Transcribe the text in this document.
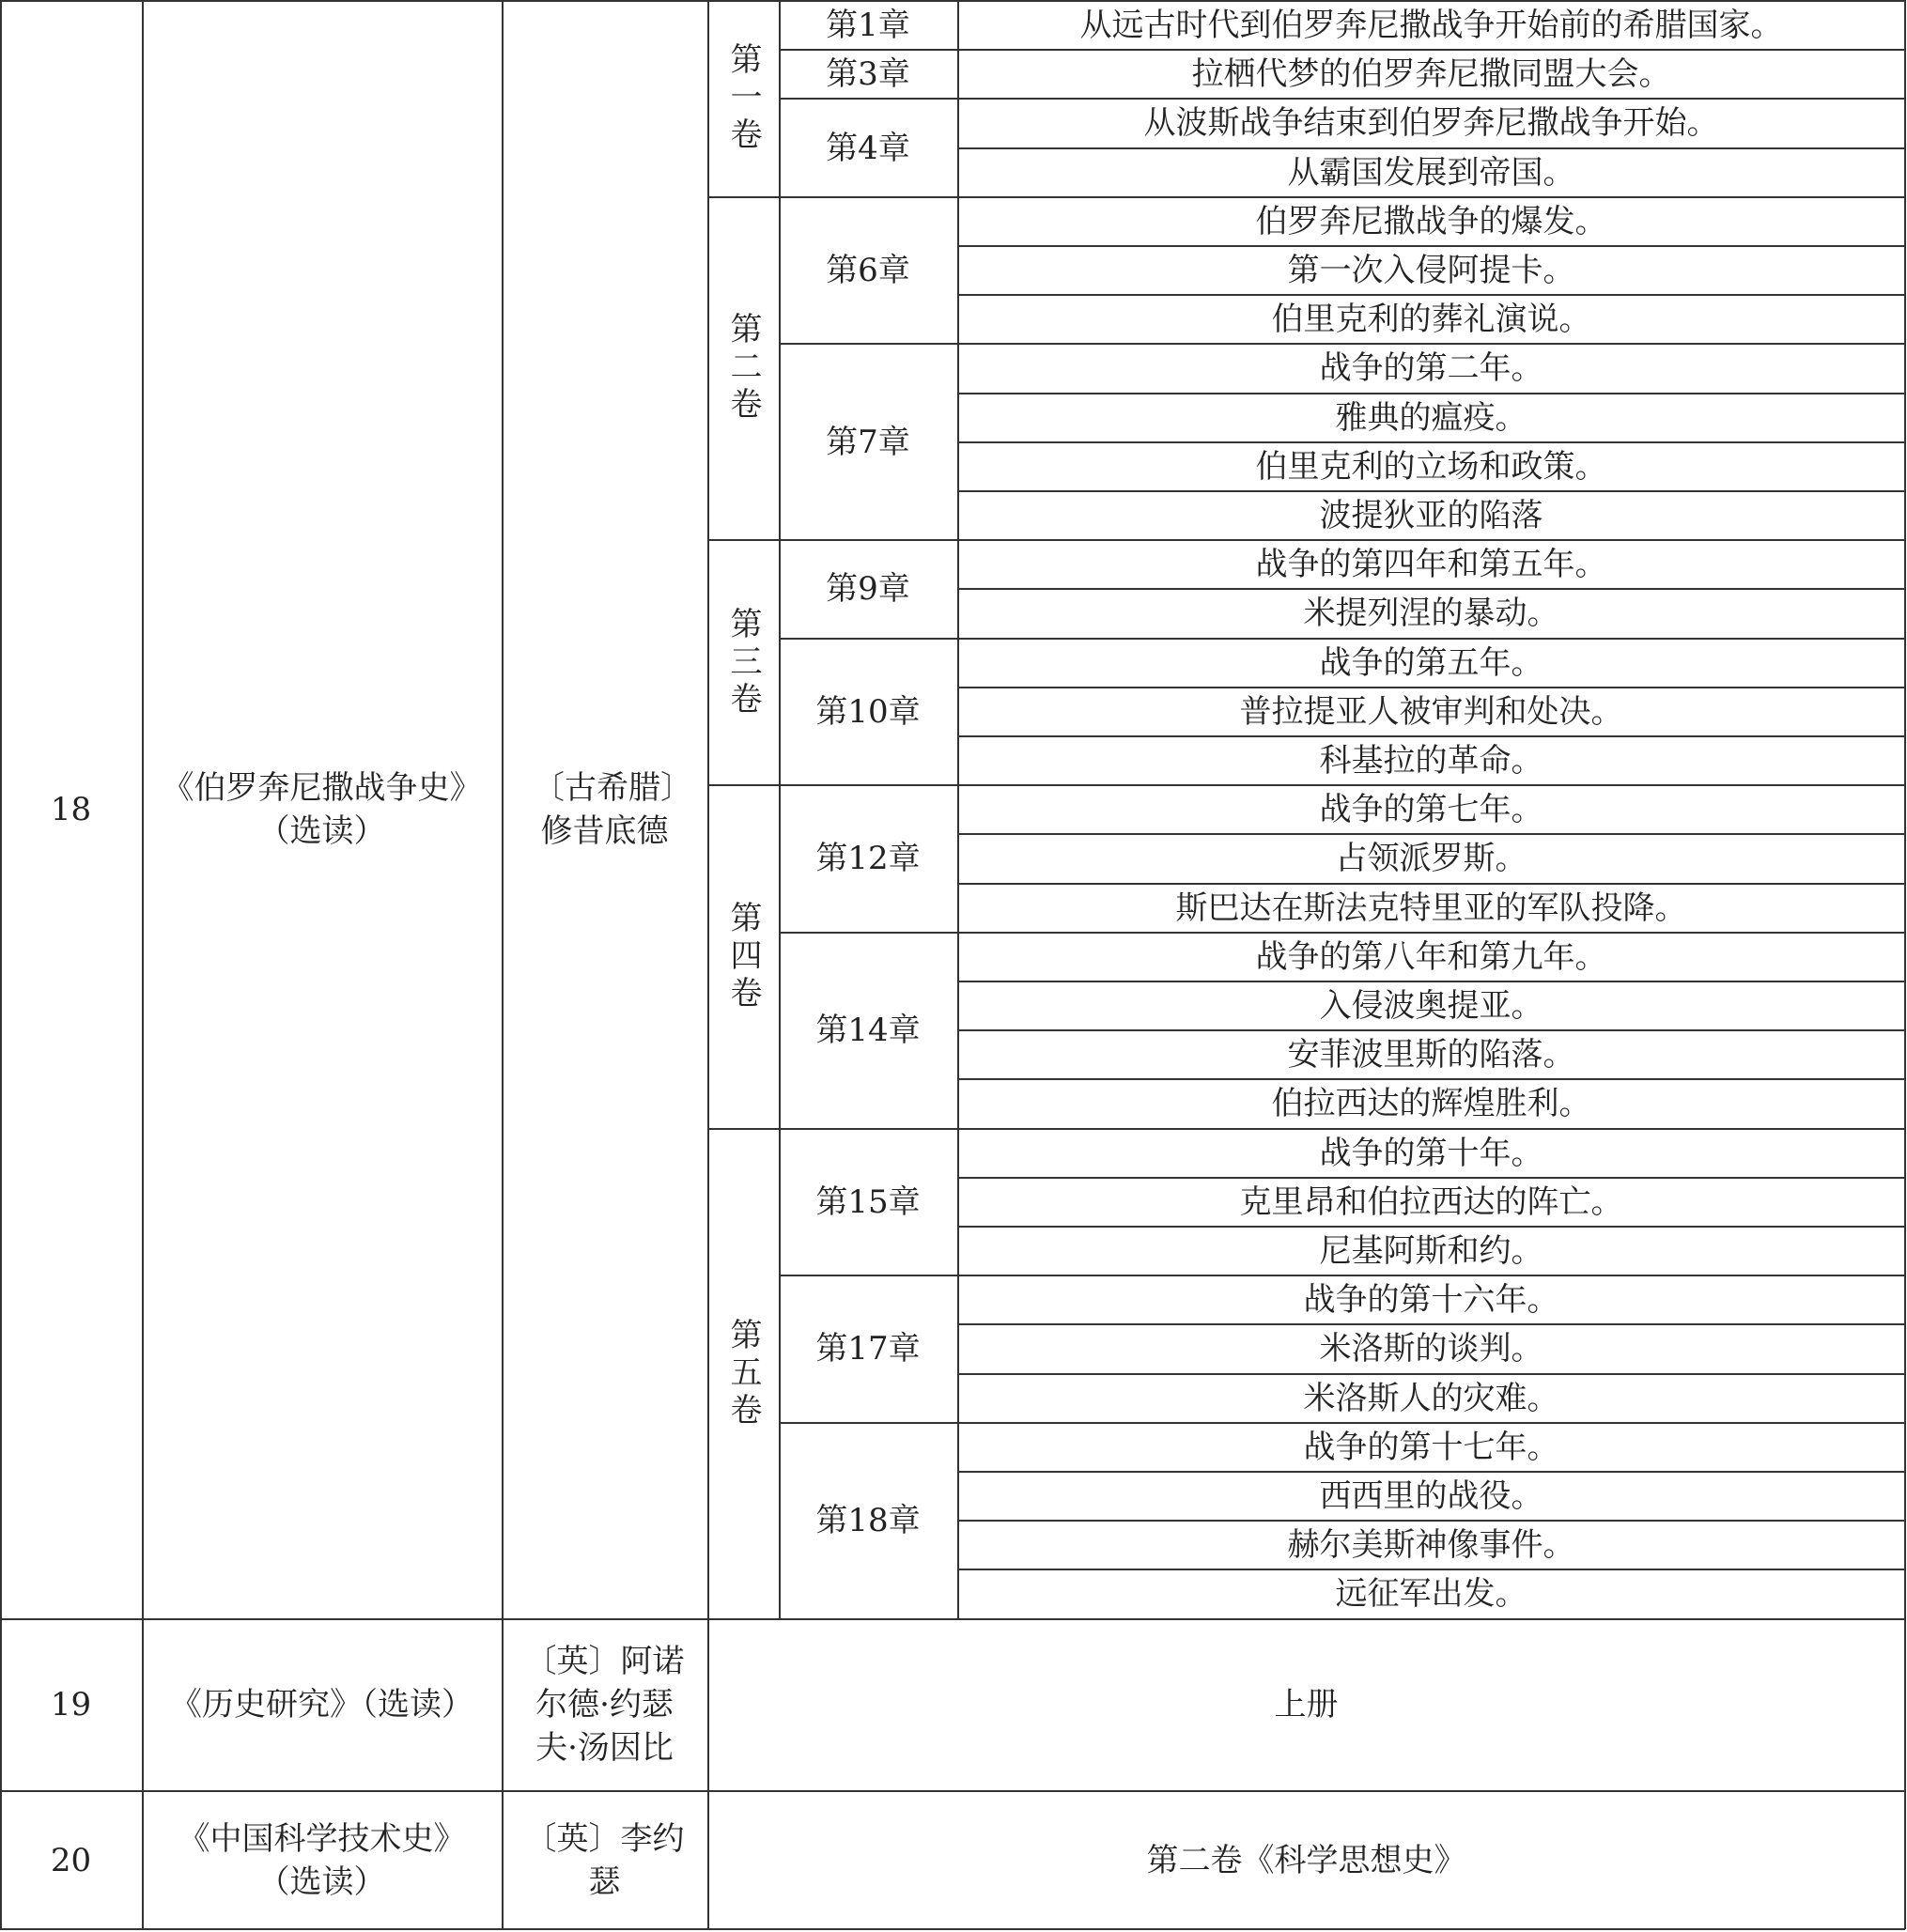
18
《伯罗奔尼撒战争史》（选读）
〔古希腊〕修昔底德
从远古时代到伯罗奔尼撒战争开始前的希腊国家。
第1章
拉栖代梦的伯罗奔尼撒同盟大会。
第3章
从波斯战争结束到伯罗奔尼撒战争开始。
从霸国发展到帝国。
第4章
第一卷
伯罗奔尼撒战争的爆发。
第一次入侵阿提卡。
伯里克利的葬礼演说。
第6章
战争的第二年。
雅典的瘟疫。
伯里克利的立场和政策。
波提狄亚的陷落
第7章
第二卷
战争的第四年和第五年。
米提列涅的暴动。
第9章
战争的第五年。
普拉提亚人被审判和处决。
科基拉的革命。
第10章
第三卷
战争的第七年。
占领派罗斯。
斯巴达在斯法克特里亚的军队投降。
第12章
战争的第八年和第九年。
入侵波奥提亚。
安菲波里斯的陷落。
伯拉西达的辉煌胜利。
第14章
第四卷
战争的第十年。
克里昂和伯拉西达的阵亡。
尼基阿斯和约。
第15章
战争的第十六年。
米洛斯的谈判。
米洛斯人的灾难。
第17章
战争的第十七年。
西西里的战役。
赫尔美斯神像事件。
远征军出发。
第18章
第五卷
19	《历史研究》（选读）
〔英〕阿诺尔德·约瑟夫·汤因比
上册
20
《中国科学技术史》（选读）
〔英〕李约瑟
第二卷《科学思想史》
